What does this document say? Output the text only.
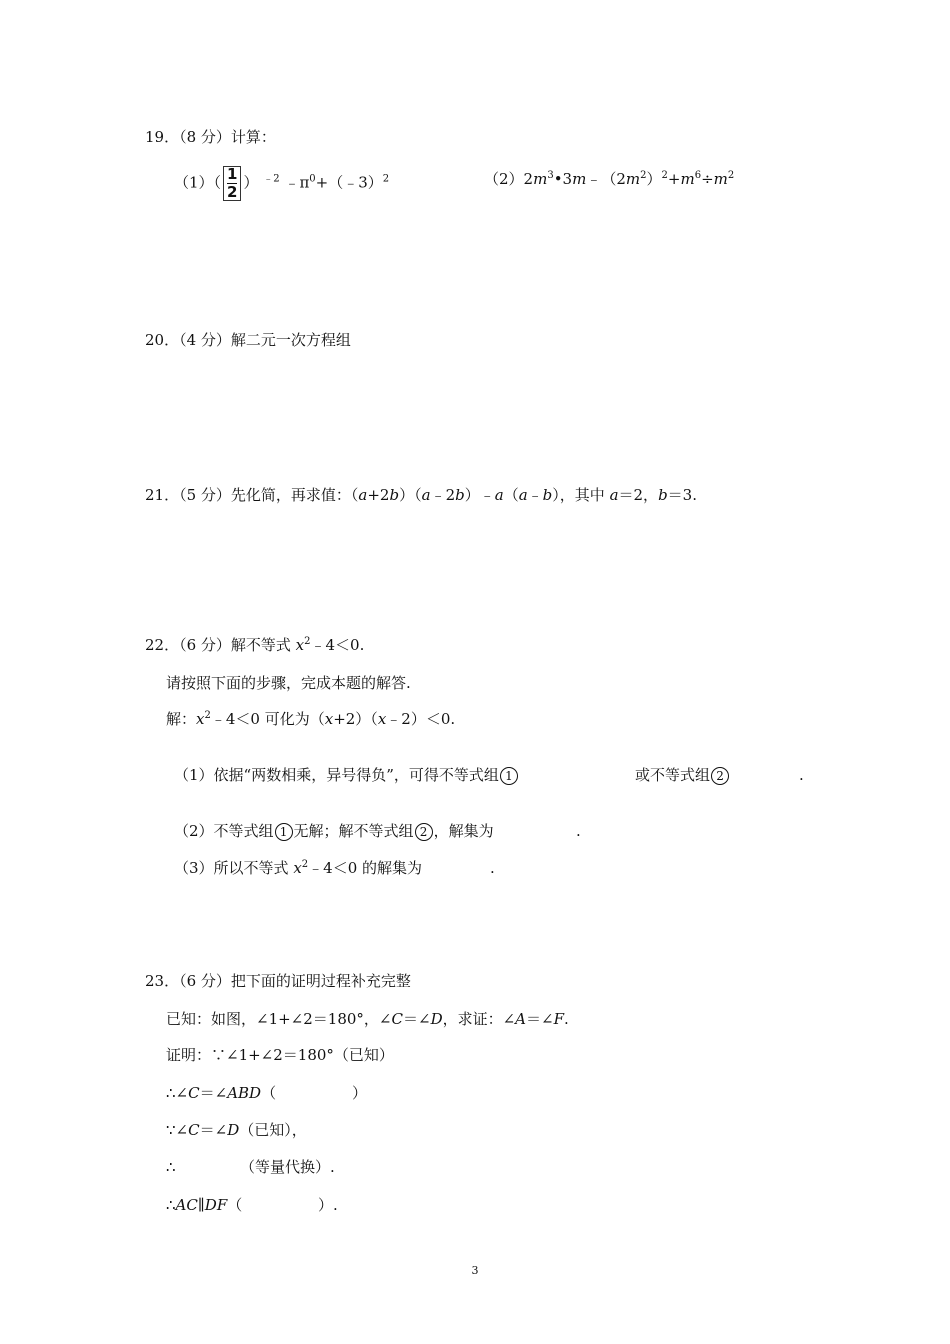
19．（8 分）计算：
$(1)( \frac{1}{2}$ ） $^{﹣2}$ $﹣\pi^0+(﹣3)^2$	$(2)2m^3•3m﹣(2m^2)^2+m^6\div m^2$
20．（4 分）解二元一次方程组
21．（5 分）先化简，再求值：（a+2b）（a﹣2b）﹣a（a﹣b），其中 a＝2，b＝3.
22．（6 分）解不等式 $x^2﹣4<0$.
请按照下面的步骤，完成本题的解答.
解：$x^2﹣4<0$ 可化为（x+2）（x﹣2）＜0.
（1）依据“两数相乘，异号得负”，可得不等式组 1	或不等式组 2	.
（2）不等式组 1 无解；解不等式组 2 ，解集为	.
（3）所以不等式 $x^2﹣4<0$ 的解集为	.
23．（6 分）把下面的证明过程补充完整
已知：如图，∠1+∠2＝180°，∠C＝∠D，求证：∠A＝∠F.
证明：∵∠1+∠2＝180°（已知）
∴∠C＝∠ABD（	）
∵∠C＝∠D（已知），
∴	（等量代换）.
∴AC∥DF（	）.
3
